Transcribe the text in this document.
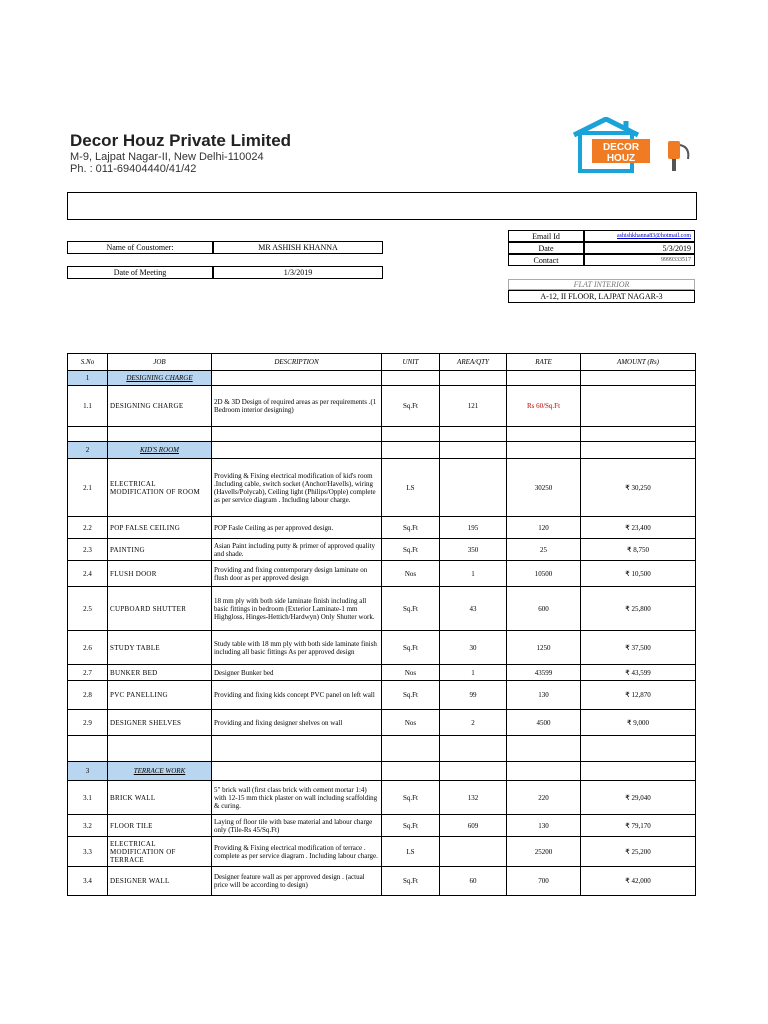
Decor Houz Private Limited
M-9, Lajpat Nagar-II, New Delhi-110024
Ph. : 011-69404440/41/42
DECOR
HOUZ
Name of Coustomer:	MR ASHISH KHANNA
Date of Meeting	1/3/2019
Email Id	ashishkhanna83@hotmail.com
Date	5/3/2019
Contact	9999333517
FLAT INTERIOR
A-12, II FLOOR, LAJPAT NAGAR-3
S.No	JOB	DESCRIPTION	UNIT	AREA/QTY	RATE	AMOUNT (Rs)
1	DESIGNING CHARGE					
1.1	DESIGNING CHARGE	2D & 3D Design of required areas as per requirements .(1 Bedroom interior designing)	Sq.Ft	121	Rs 60/Sq.Ft	

2	KID'S ROOM					
2.1	ELECTRICAL MODIFICATION OF ROOM	Providing & Fixing electrical modification of kid's room .Including cable, switch socket (Anchor/Havells), wiring (Havells/Polycab), Ceiling light (Philips/Opple) complete as per service diagram . Including labour charge.	LS		30250	₹ 30,250
2.2	POP FALSE CEILING	POP Fasle Ceiling as per approved design.	Sq.Ft	195	120	₹ 23,400
2.3	PAINTING	Asian Paint including putty & primer of approved quality and shade.	Sq.Ft	350	25	₹ 8,750
2.4	FLUSH DOOR	Providing and fixing contemporary design laminate on flush door as per approved design	Nos	1	10500	₹ 10,500
2.5	CUPBOARD SHUTTER	18 mm ply with both side laminate finish including all basic fittings in bedroom (Exterior Laminate-1 mm Highgloss, Hinges-Hettich/Hardwyn) Only Shutter work.	Sq.Ft	43	600	₹ 25,800
2.6	STUDY TABLE	Study table with 18 mm ply with both side laminate finish including all basic fittings As per approved design	Sq.Ft	30	1250	₹ 37,500
2.7	BUNKER BED	Designer Bunker bed	Nos	1	43599	₹ 43,599
2.8	PVC PANELLING	Providing and fixing kids concept PVC panel on left wall	Sq.Ft	99	130	₹ 12,870
2.9	DESIGNER SHELVES	Providing and fixing designer shelves on wall	Nos	2	4500	₹ 9,000

3	TERRACE WORK					
3.1	BRICK WALL	5" brick wall (first class brick with cement mortar 1:4) with 12-15 mm thick plaster on wall including scaffolding & curing.	Sq.Ft	132	220	₹ 29,040
3.2	FLOOR TILE	Laying of floor tile with base material and labour charge only (Tile-Rs 45/Sq.Ft)	Sq.Ft	609	130	₹ 79,170
3.3	ELECTRICAL MODIFICATION OF TERRACE	Providing & Fixing electrical modification of terrace . complete as per service diagram . Including labour charge.	LS		25200	₹ 25,200
3.4	DESIGNER WALL	Designer feature wall as per approved design . (actual price will be according to design)	Sq.Ft	60	700	₹ 42,000
